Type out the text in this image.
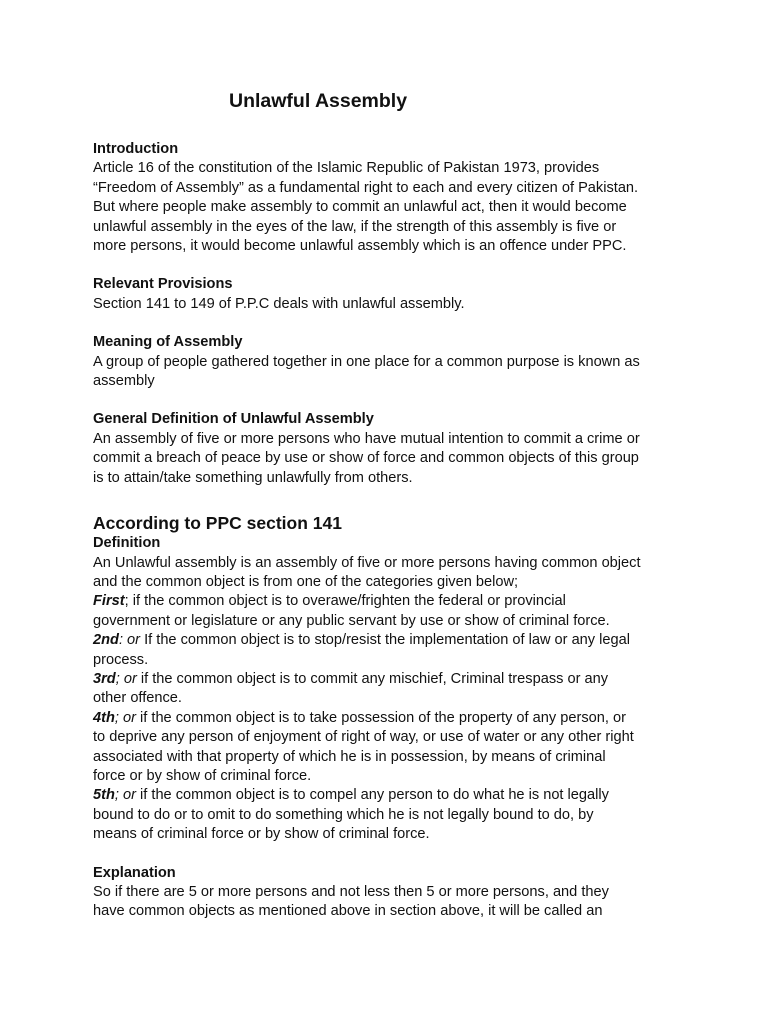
Unlawful Assembly
Introduction

Article 16 of the constitution of the Islamic Republic of Pakistan 1973, provides
“Freedom of Assembly” as a fundamental right to each and every citizen of Pakistan.
But where people make assembly to commit an unlawful act, then it would become
unlawful assembly in the eyes of the law, if the strength of this assembly is five or
more persons, it would become unlawful assembly which is an offence under PPC.

Relevant Provisions

Section 141 to 149 of P.P.C deals with unlawful assembly.

Meaning of Assembly

A group of people gathered together in one place for a common purpose is known as
assembly

General Definition of Unlawful Assembly

An assembly of five or more persons who have mutual intention to commit a crime or
commit a breach of peace by use or show of force and common objects of this group
is to attain/take something unlawfully from others.

According to PPC section 141
Definition

An Unlawful assembly is an assembly of five or more persons having common object
and the common object is from one of the categories given below;
First; if the common object is to overawe/frighten the federal or provincial
government or legislature or any public servant by use or show of criminal force.
2nd: or If the common object is to stop/resist the implementation of law or any legal
process.
3rd; or if the common object is to commit any mischief, Criminal trespass or any
other offence.
4th; or if the common object is to take possession of the property of any person, or
to deprive any person of enjoyment of right of way, or use of water or any other right
associated with that property of which he is in possession, by means of criminal
force or by show of criminal force.
5th; or if the common object is to compel any person to do what he is not legally
bound to do or to omit to do something which he is not legally bound to do, by
means of criminal force or by show of criminal force.

Explanation

So if there are 5 or more persons and not less then 5 or more persons, and they
have common objects as mentioned above in section above, it will be called an
